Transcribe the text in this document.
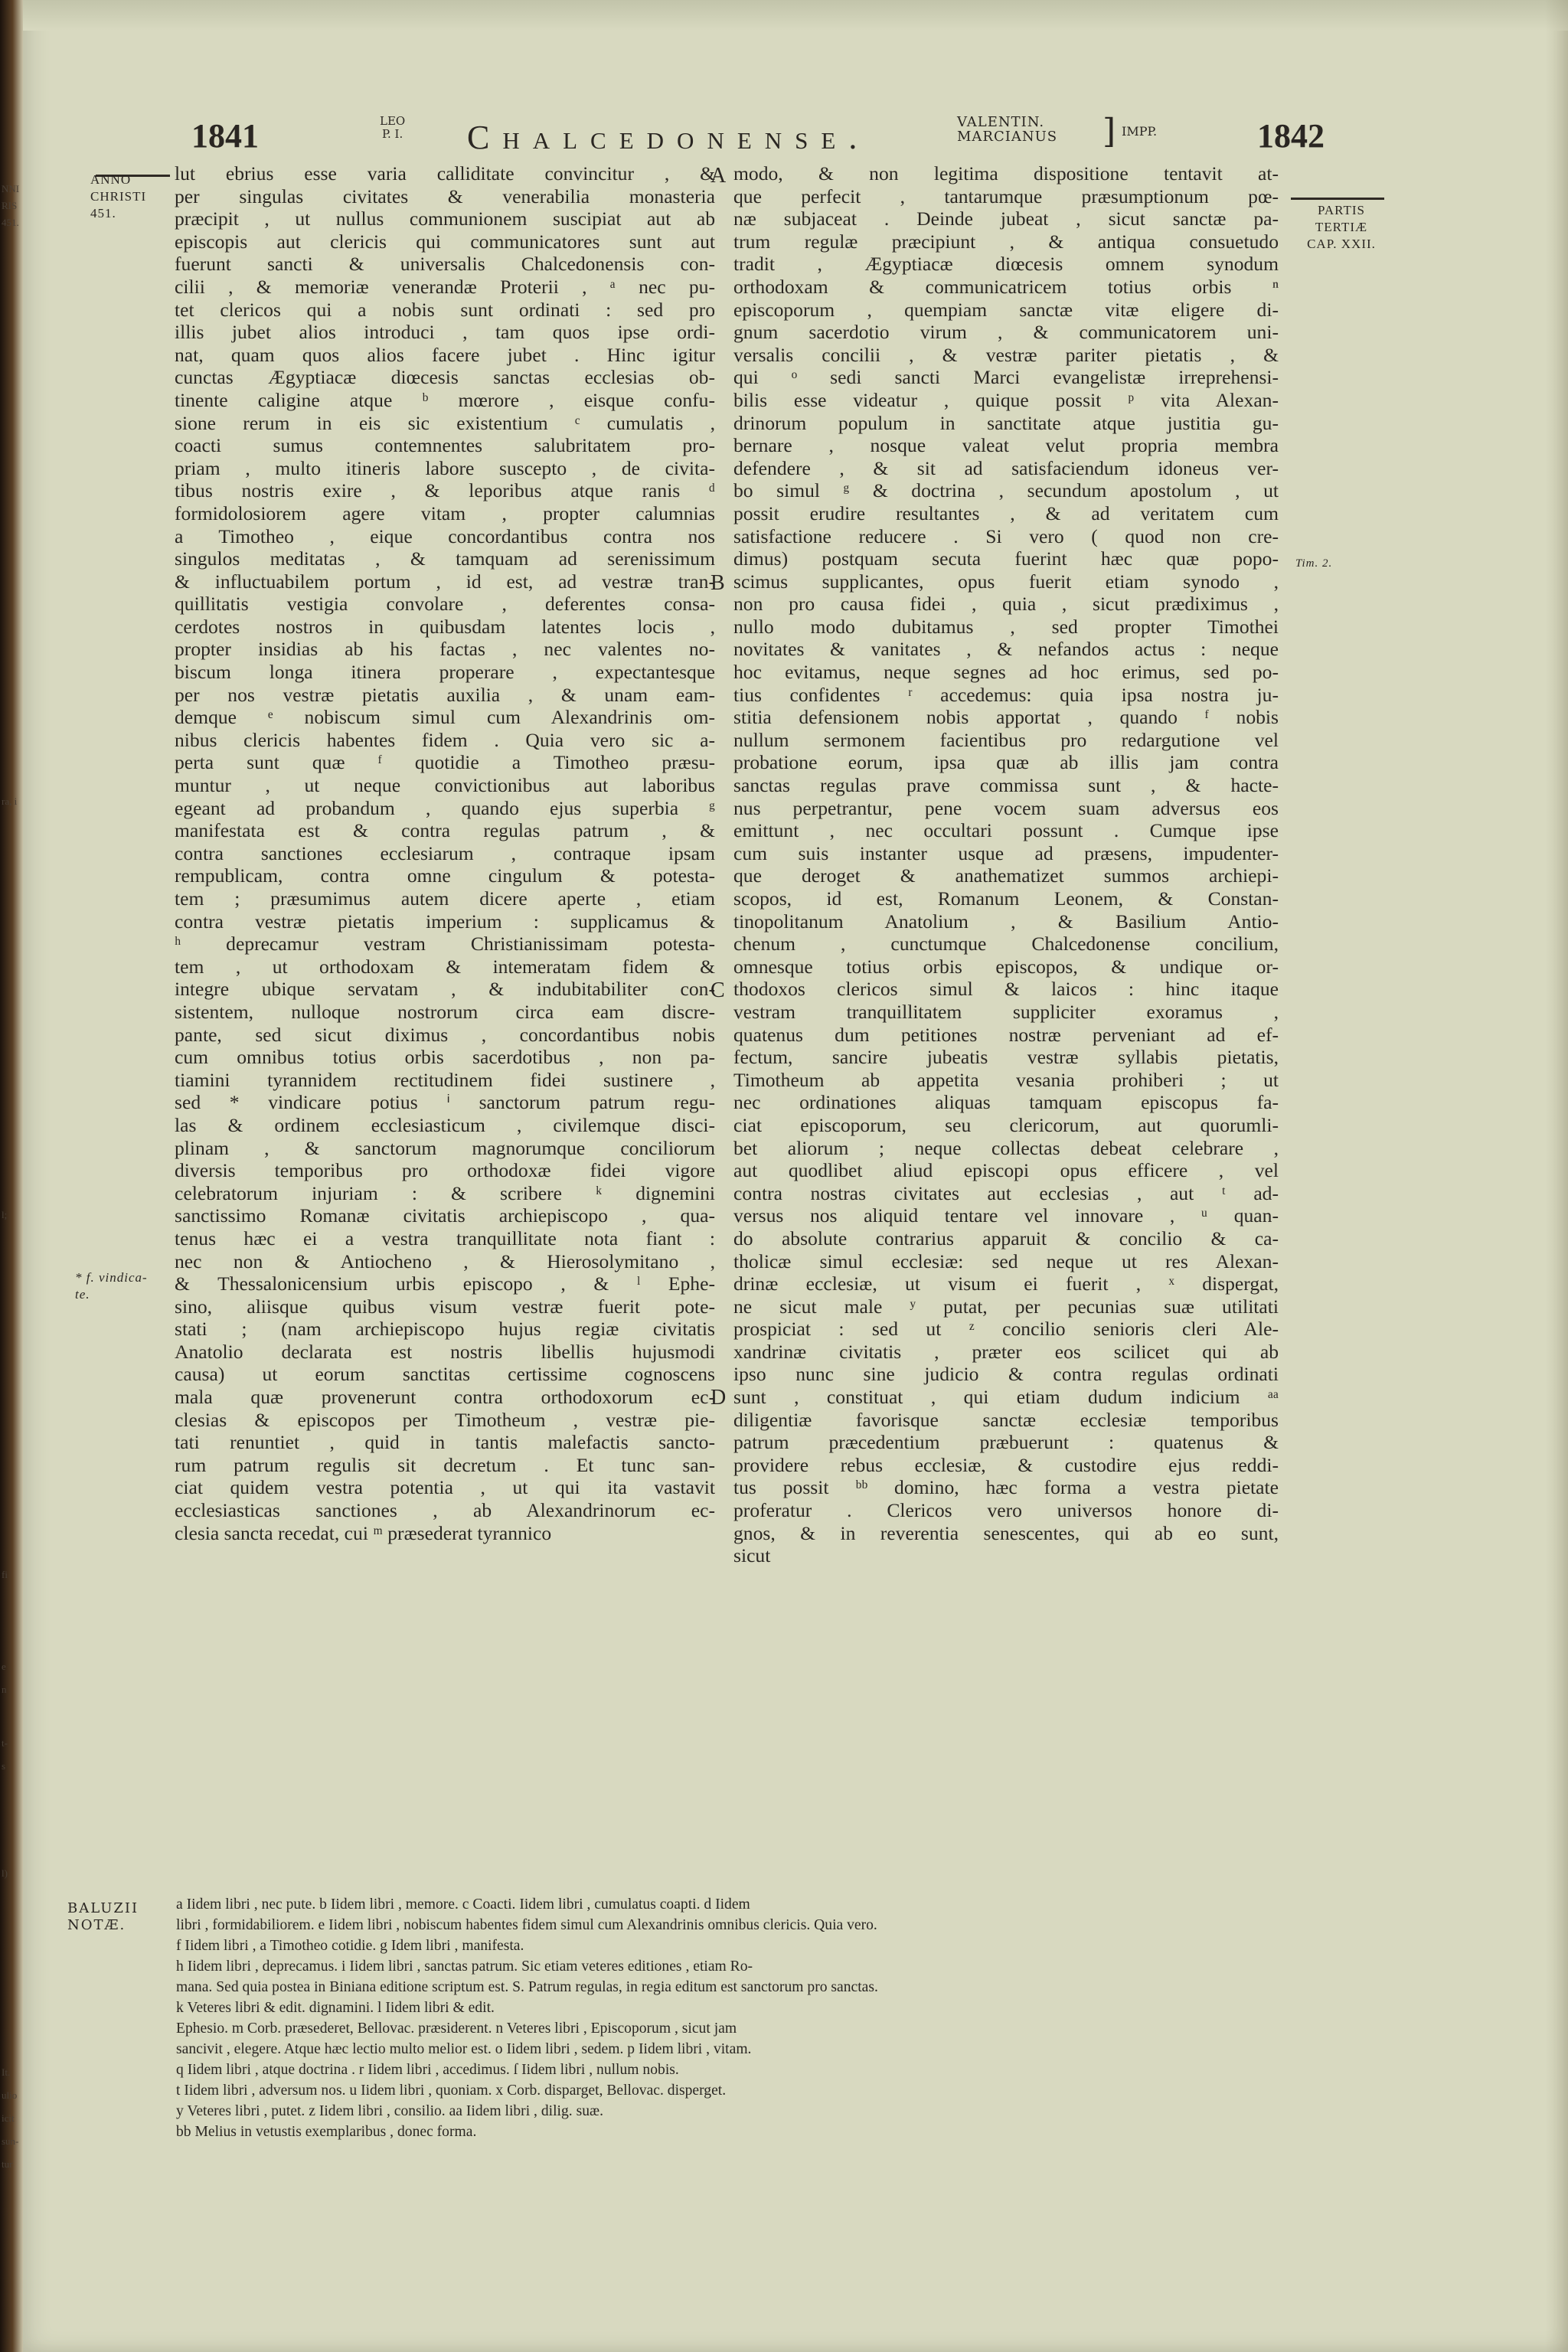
NNI
RIS
451.
ra, i
l;
fi
e
n
t-
s
l)
It.
ulio
icit
sun-
tur
1841	LEO
P. I. Chalcedonense.	VALENTIN.
MARCIANUS ] IMPP.	1842
ANNO
CHRISTI
451.
* f. vindica-
te.
PARTIS
TERTIÆ
CAP. XXII.
Tim. 2.
A
B
C
D
lut ebrius esse varia calliditate convincitur , &
per singulas civitates & venerabilia monasteria
præcipit , ut nullus communionem suscipiat aut ab
episcopis aut clericis qui communicatores sunt aut
fuerunt sancti & universalis Chalcedonensis con-
cilii , & memoriæ venerandæ Proterii , ᵃ nec pu-
tet clericos qui a nobis sunt ordinati : sed pro
illis jubet alios introduci , tam quos ipse ordi-
nat, quam quos alios facere jubet . Hinc igitur
cunctas Ægyptiacæ diœcesis sanctas ecclesias ob-
tinente caligine atque ᵇ mœrore , eisque confu-
sione rerum in eis sic existentium ᶜ cumulatis ,
coacti sumus contemnentes salubritatem pro-
priam , multo itineris labore suscepto , de civita-
tibus nostris exire , & leporibus atque ranis ᵈ
formidolosiorem agere vitam , propter calumnias
a Timotheo , eique concordantibus contra nos
singulos meditatas , & tamquam ad serenissimum
& influctuabilem portum , id est, ad vestræ tran-
quillitatis vestigia convolare , deferentes consa-
cerdotes nostros in quibusdam latentes locis ,
propter insidias ab his factas , nec valentes no-
biscum longa itinera properare , expectantesque
per nos vestræ pietatis auxilia , & unam eam-
demque ᵉ nobiscum simul cum Alexandrinis om-
nibus clericis habentes fidem . Quia vero sic a-
perta sunt quæ ᶠ quotidie a Timotheo præsu-
muntur , ut neque convictionibus aut laboribus
egeant ad probandum , quando ejus superbia ᵍ
manifestata est & contra regulas patrum , &
contra sanctiones ecclesiarum , contraque ipsam
rempublicam, contra omne cingulum & potesta-
tem ; præsumimus autem dicere aperte , etiam
contra vestræ pietatis imperium : supplicamus &
ʰ deprecamur vestram Christianissimam potesta-
tem , ut orthodoxam & intemeratam fidem &
integre ubique servatam , & indubitabiliter con-
sistentem, nulloque nostrorum circa eam discre-
pante, sed sicut diximus , concordantibus nobis
cum omnibus totius orbis sacerdotibus , non pa-
tiamini tyrannidem rectitudinem fidei sustinere ,
sed * vindicare potius ⁱ sanctorum patrum regu-
las & ordinem ecclesiasticum , civilemque disci-
plinam , & sanctorum magnorumque conciliorum
diversis temporibus pro orthodoxæ fidei vigore
celebratorum injuriam : & scribere ᵏ dignemini
sanctissimo Romanæ civitatis archiepiscopo , qua-
tenus hæc ei a vestra tranquillitate nota fiant :
nec non & Antiocheno , & Hierosolymitano ,
& Thessalonicensium urbis episcopo , & ˡ Ephe-
sino, aliisque quibus visum vestræ fuerit pote-
stati ; (nam archiepiscopo hujus regiæ civitatis
Anatolio declarata est nostris libellis hujusmodi
causa) ut eorum sanctitas certissime cognoscens
mala quæ provenerunt contra orthodoxorum ec-
clesias & episcopos per Timotheum , vestræ pie-
tati renuntiet , quid in tantis malefactis sancto-
rum patrum regulis sit decretum . Et tunc san-
ciat quidem vestra potentia , ut qui ita vastavit
ecclesiasticas sanctiones , ab Alexandrinorum ec-
clesia sancta recedat, cui ᵐ præsederat tyrannico
modo, & non legitima dispositione tentavit at-
que perfecit , tantarumque præsumptionum pœ-
næ subjaceat . Deinde jubeat , sicut sanctæ pa-
trum regulæ præcipiunt , & antiqua consuetudo
tradit , Ægyptiacæ diœcesis omnem synodum
orthodoxam & communicatricem totius orbis ⁿ
episcoporum , quempiam sanctæ vitæ eligere di-
gnum sacerdotio virum , & communicatorem uni-
versalis concilii , & vestræ pariter pietatis , &
qui ᵒ sedi sancti Marci evangelistæ irreprehensi-
bilis esse videatur , quique possit ᵖ vita Alexan-
drinorum populum in sanctitate atque justitia gu-
bernare , nosque valeat velut propria membra
defendere , & sit ad satisfaciendum idoneus ver-
bo simul ᵍ & doctrina , secundum apostolum , ut
possit erudire resultantes , & ad veritatem cum
satisfactione reducere . Si vero ( quod non cre-
dimus) postquam secuta fuerint hæc quæ popo-
scimus supplicantes, opus fuerit etiam synodo ,
non pro causa fidei , quia , sicut prædiximus ,
nullo modo dubitamus , sed propter Timothei
novitates & vanitates , & nefandos actus : neque
hoc evitamus, neque segnes ad hoc erimus, sed po-
tius confidentes ʳ accedemus: quia ipsa nostra ju-
stitia defensionem nobis apportat , quando ᶠ nobis
nullum sermonem facientibus pro redargutione vel
probatione eorum, ipsa quæ ab illis jam contra
sanctas regulas prave commissa sunt , & hacte-
nus perpetrantur, pene vocem suam adversus eos
emittunt , nec occultari possunt . Cumque ipse
cum suis instanter usque ad præsens, impudenter-
que deroget & anathematizet summos archiepi-
scopos, id est, Romanum Leonem, & Constan-
tinopolitanum Anatolium , & Basilium Antio-
chenum , cunctumque Chalcedonense concilium,
omnesque totius orbis episcopos, & undique or-
thodoxos clericos simul & laicos : hinc itaque
vestram tranquillitatem suppliciter exoramus ,
quatenus dum petitiones nostræ perveniant ad ef-
fectum, sancire jubeatis vestræ syllabis pietatis,
Timotheum ab appetita vesania prohiberi ; ut
nec ordinationes aliquas tamquam episcopus fa-
ciat episcoporum, seu clericorum, aut quorumli-
bet aliorum ; neque collectas debeat celebrare ,
aut quodlibet aliud episcopi opus efficere , vel
contra nostras civitates aut ecclesias , aut ᵗ ad-
versus nos aliquid tentare vel innovare , ᵘ quan-
do absolute contrarius apparuit & concilio & ca-
tholicæ simul ecclesiæ: sed neque ut res Alexan-
drinæ ecclesiæ, ut visum ei fuerit , ˣ dispergat,
ne sicut male ʸ putat, per pecunias suæ utilitati
prospiciat : sed ut ᶻ concilio senioris cleri Ale-
xandrinæ civitatis , præter eos scilicet qui ab
ipso nunc sine judicio & contra regulas ordinati
sunt , constituat , qui etiam dudum indicium ᵃᵃ
diligentiæ favorisque sanctæ ecclesiæ temporibus
patrum præcedentium præbuerunt : quatenus &
providere rebus ecclesiæ, & custodire ejus reddi-
tus possit ᵇᵇ domino, hæc forma a vestra pietate
proferatur . Clericos vero universos honore di-
gnos, & in reverentia senescentes, qui ab eo sunt,
sicut
BALUZII
NOTÆ.
a Iidem libri , nec pute. b Iidem libri , memore. c Coacti. Iidem libri , cumulatus coapti. d Iidem
libri , formidabiliorem. e Iidem libri , nobiscum habentes fidem simul cum Alexandrinis omnibus clericis. Quia vero.
f Iidem libri , a Timotheo cotidie. g Idem libri , manifesta.
h Iidem libri , deprecamus. i Iidem libri , sanctas patrum. Sic etiam veteres editiones , etiam Ro-
mana. Sed quia postea in Biniana editione scriptum est. S. Patrum regulas, in regia editum est sanctorum pro sanctas.
k Veteres libri & edit. dignamini. l Iidem libri & edit.
Ephesio. m Corb. præsederet, Bellovac. præsiderent. n Veteres libri , Episcoporum , sicut jam
sancivit , elegere. Atque hæc lectio multo melior est. o Iidem libri , sedem. p Iidem libri , vitam.
q Iidem libri , atque doctrina . r Iidem libri , accedimus. ſ Iidem libri , nullum nobis.
t Iidem libri , adversum nos. u Iidem libri , quoniam. x Corb. disparget, Bellovac. disperget.
y Veteres libri , putet. z Iidem libri , consilio. aa Iidem libri , dilig. suæ.
bb Melius in vetustis exemplaribus , donec forma.
